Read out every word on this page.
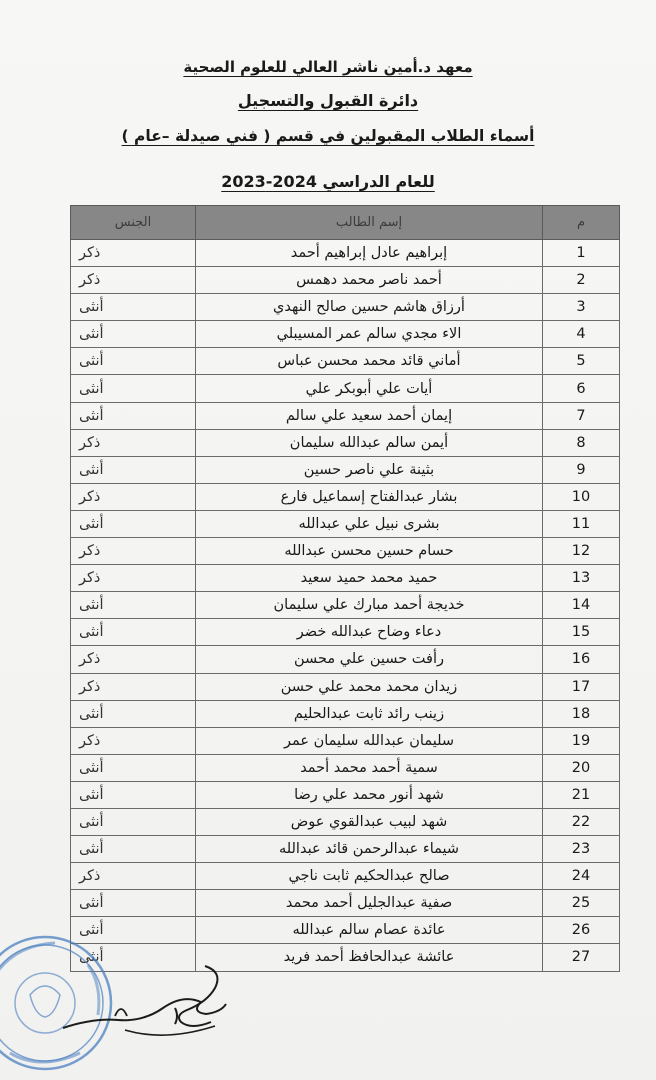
معهد د.أمين ناشر العالي للعلوم الصحية
دائرة القبول والتسجيل
أسماء الطلاب المقبولين في قسم ( فني صيدلة –عام )
للعام الدراسي 2024-2023
م	إسم الطالب	الجنس
1	إبراهيم عادل إبراهيم أحمد	ذكر
2	أحمد ناصر محمد دهمس	ذكر
3	أرزاق هاشم حسين صالح النهدي	أنثى
4	الاء مجدي سالم عمر المسيبلي	أنثى
5	أماني قائد محمد محسن عباس	أنثى
6	أيات علي أبوبكر علي	أنثى
7	إيمان أحمد سعيد علي سالم	أنثى
8	أيمن سالم عبدالله سليمان	ذكر
9	بثينة علي ناصر حسين	أنثى
10	بشار عبدالفتاح إسماعيل فارع	ذكر
11	بشرى نبيل علي عبدالله	أنثى
12	حسام حسين محسن عبدالله	ذكر
13	حميد محمد حميد سعيد	ذكر
14	خديجة أحمد مبارك علي سليمان	أنثى
15	دعاء وضاح عبدالله خضر	أنثى
16	رأفت حسين علي محسن	ذكر
17	زيدان محمد محمد علي حسن	ذكر
18	زينب رائد ثابت عبدالحليم	أنثى
19	سليمان عبدالله سليمان عمر	ذكر
20	سمية أحمد محمد أحمد	أنثى
21	شهد أنور محمد علي رضا	أنثى
22	شهد لبيب عبدالقوي عوض	أنثى
23	شيماء عبدالرحمن قائد عبدالله	أنثى
24	صالح عبدالحكيم ثابت ناجي	ذكر
25	صفية عبدالجليل أحمد محمد	أنثى
26	عائدة عصام سالم عبدالله	أنثى
27	عائشة عبدالحافظ أحمد فريد	أنثى
